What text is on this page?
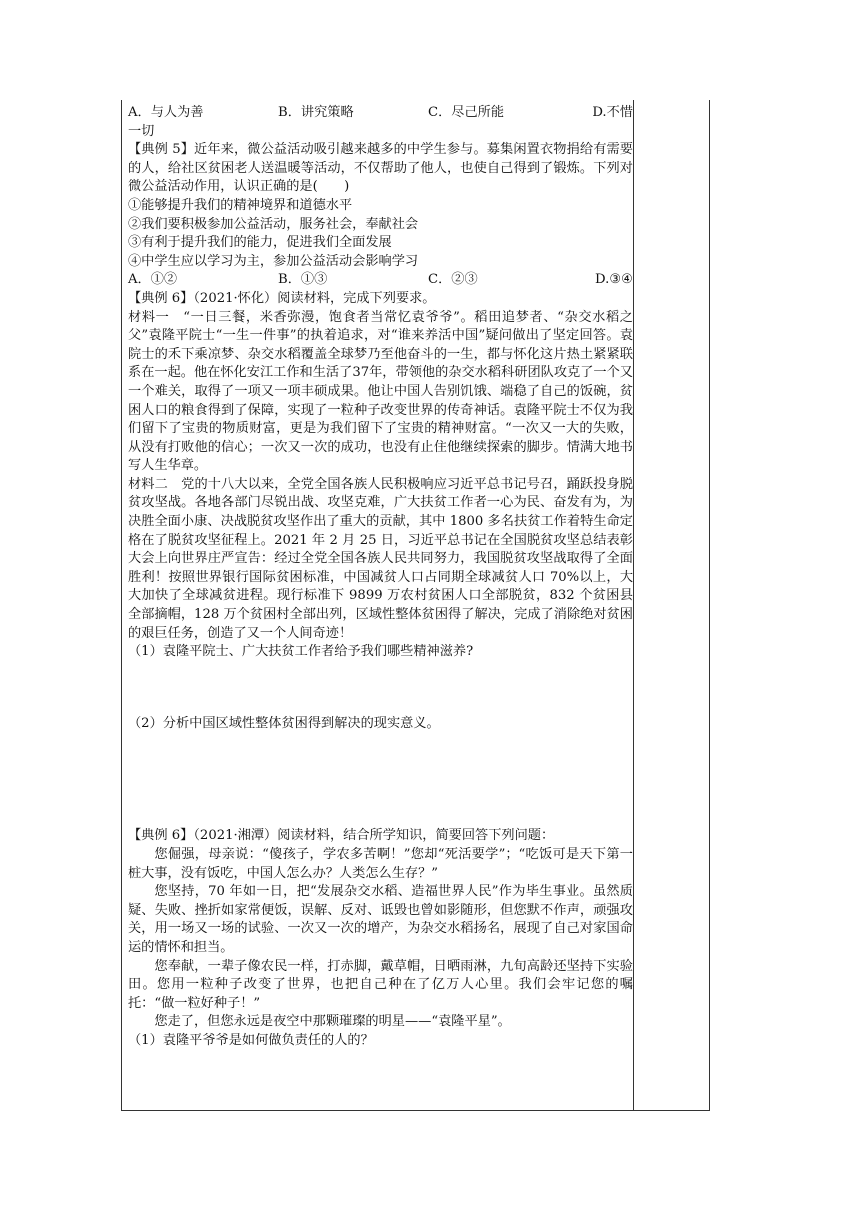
A．与人为善	B．讲究策略	C．尽己所能	D.不惜

一切

【典例 5】近年来，微公益活动吸引越来越多的中学生参与。募集闲置衣物捐给有需要的人，给社区贫困老人送温暖等活动，不仅帮助了他人，也使自己得到了锻炼。下列对微公益活动作用，认识正确的是(　　)

①能够提升我们的精神境界和道德水平

②我们要积极参加公益活动，服务社会，奉献社会

③有利于提升我们的能力，促进我们全面发展

④中学生应以学习为主，参加公益活动会影响学习

A．①②	B．①③	C．②③	D.③④

【典例 6】（2021·怀化）阅读材料，完成下列要求。

材料一　“一日三餐，米香弥漫，饱食者当常忆袁爷爷”。稻田追梦者、“杂交水稻之父”袁隆平院士“一生一件事”的执着追求，对“谁来养活中国”疑问做出了坚定回答。袁院士的禾下乘凉梦、杂交水稻覆盖全球梦乃至他奋斗的一生，都与怀化这片热土紧紧联系在一起。他在怀化安江工作和生活了37年，带领他的杂交水稻科研团队攻克了一个又一个难关，取得了一项又一项丰硕成果。他让中国人告别饥饿、端稳了自己的饭碗，贫困人口的粮食得到了保障，实现了一粒种子改变世界的传奇神话。袁隆平院士不仅为我们留下了宝贵的物质财富，更是为我们留下了宝贵的精神财富。“一次又一大的失败，从没有打败他的信心；一次又一次的成功，也没有止住他继续探索的脚步。情满大地书写人生华章。

材料二　党的十八大以来，全党全国各族人民积极响应习近平总书记号召，踊跃投身脱贫攻坚战。各地各部门尽锐出战、攻坚克难，广大扶贫工作者一心为民、奋发有为，为决胜全面小康、决战脱贫攻坚作出了重大的贡献，其中 1800 多名扶贫工作着特生命定格在了脱贫攻坚征程上。2021 年 2 月 25 日，习近平总书记在全国脱贫攻坚总结表彰大会上向世界庄严宣告：经过全党全国各族人民共同努力，我国脱贫攻坚战取得了全面胜利！按照世界银行国际贫困标准，中国减贫人口占同期全球减贫人口 70%以上，大大加快了全球减贫进程。现行标准下 9899 万农村贫困人口全部脱贫，832 个贫困县全部摘帽，128 万个贫困村全部出列，区域性整体贫困得了解决，完成了消除绝对贫困的艰巨任务，创造了又一个人间奇迹！

（1）袁隆平院士、广大扶贫工作者给予我们哪些精神滋养?

（2）分析中国区域性整体贫困得到解决的现实意义。

【典例 6】（2021·湘潭）阅读材料，结合所学知识，简要回答下列问题：

您倔强，母亲说：“傻孩子，学农多苦啊！”您却“死活要学”；“吃饭可是天下第一桩大事，没有饭吃，中国人怎么办？人类怎么生存？”

您坚持，70 年如一日，把“发展杂交水稻、造福世界人民”作为毕生事业。虽然质疑、失败、挫折如家常便饭，误解、反对、诋毁也曾如影随形，但您默不作声，顽强攻关，用一场又一场的试验、一次又一次的增产，为杂交水稻扬名，展现了自己对家国命运的情怀和担当。

您奉献，一辈子像农民一样，打赤脚，戴草帽，日晒雨淋，九旬高龄还坚持下实验田。您用一粒种子改变了世界，也把自己种在了亿万人心里。我们会牢记您的嘱托：“做一粒好种子！”

您走了，但您永远是夜空中那颗璀璨的明星——“袁隆平星”。

（1）袁隆平爷爷是如何做负责任的人的？
